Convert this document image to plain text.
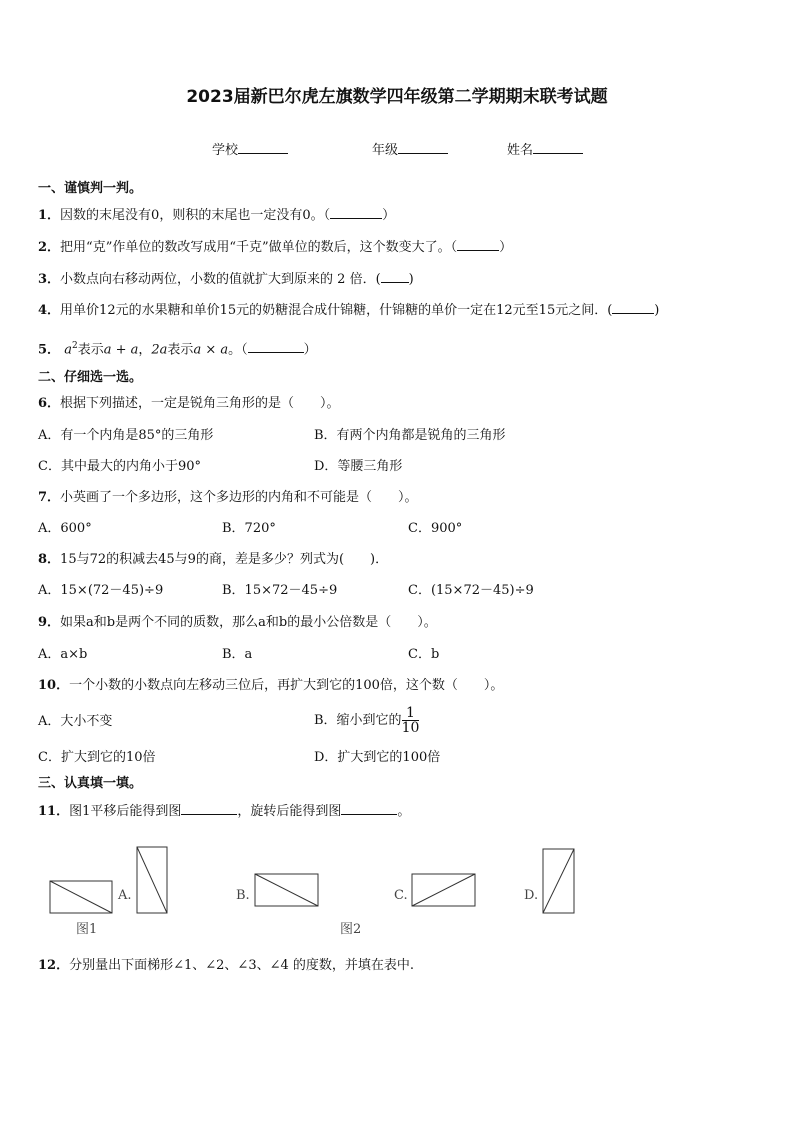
2023届新巴尔虎左旗数学四年级第二学期期末联考试题
学校	年级	姓名
一、谨慎判一判。
1．因数的末尾没有0，则积的末尾也一定没有0。（	）
2．把用“克”作单位的数改写成用“千克”做单位的数后，这个数变大了。（	）
3．小数点向右移动两位，小数的值就扩大到原来的 2 倍．( )
4．用单价12元的水果糖和单价15元的奶糖混合成什锦糖，什锦糖的单价一定在12元至15元之间．(	)
5． $a^2$表示a + a，2a表示a × a。（	）
二、仔细选一选。
6．根据下列描述，一定是锐角三角形的是（　　）。
A．有一个内角是85°的三角形	B．有两个内角都是锐角的三角形
C．其中最大的内角小于90°	D．等腰三角形
7．小英画了一个多边形，这个多边形的内角和不可能是（　　）。
A．600°	B．720°	C．900°
8．15与72的积减去45与9的商，差是多少？列式为(　　)．
A．15×(72－45)÷9	B．15×72－45÷9	C．(15×72－45)÷9
9．如果a和b是两个不同的质数，那么a和b的最小公倍数是（　　）。
A．a×b	B．a	C．b
10．一个小数的小数点向左移动三位后，再扩大到它的100倍，这个数（　　）。
A．大小不变	B．缩小到它的 $\frac{1}{10}$
C．扩大到它的10倍	D．扩大到它的100倍
三、认真填一填。
11．图1平移后能得到图	，旋转后能得到图	。
图1
A.	B.
图2
C.	D.
12．分别量出下面梯形∠1、∠2、∠3、∠4 的度数，并填在表中.
